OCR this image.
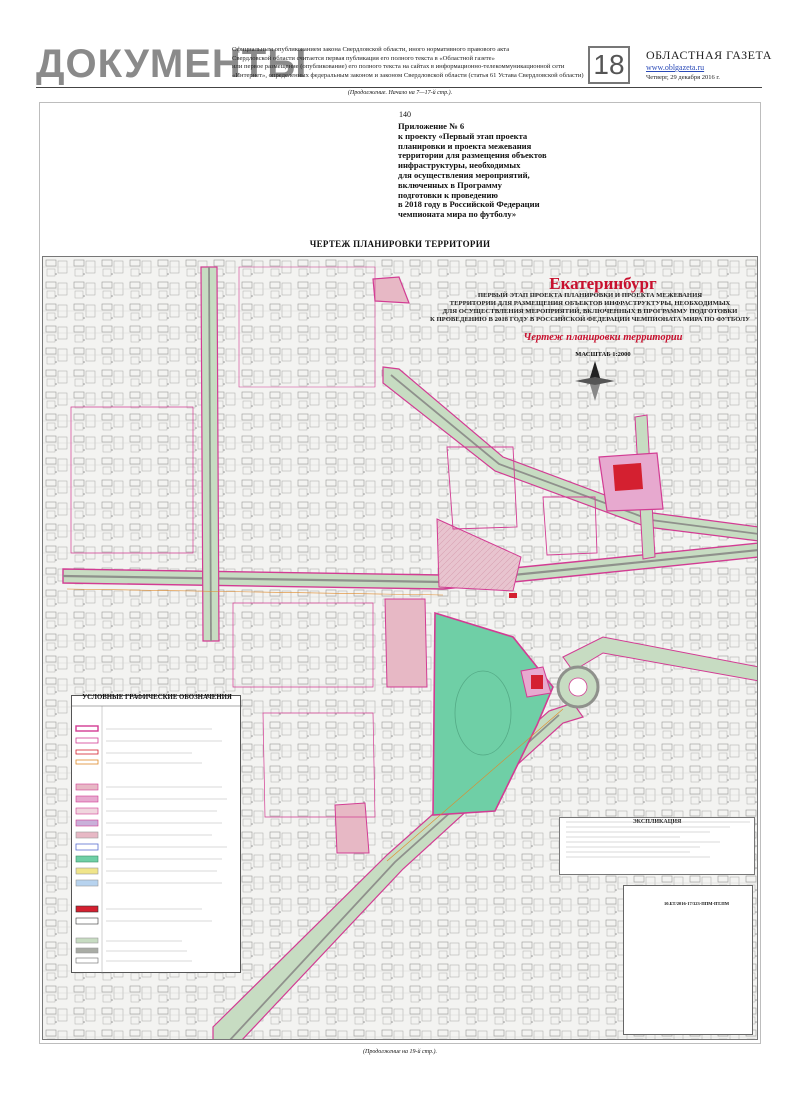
ДОКУМЕНТЫ
Официальным опубликованием закона Свердловской области, иного нормативного правового акта
Свердловской области считается первая публикация его полного текста в «Областной газете»
или первое размещение (опубликование) его полного текста на сайтах в информационно-телекоммуникационной сети
«Интернет», определенных федеральным законом и законом Свердловской области (статья 61 Устава Свердловской области) 18	ОБЛАСТНАЯ ГАЗЕТА
www.oblgazeta.ru
Четверг, 29 декабря 2016 г.
(Продолжение. Начало на 7—17-й стр.).
140
Приложение № 6
к проекту «Первый этап проекта
планировки и проекта межевания
территории для размещения объектов
инфраструктуры, необходимых
для осуществления мероприятий,
включенных в Программу
подготовки к проведению
в 2018 году в Российской Федерации
чемпионата мира по футболу»
ЧЕРТЕЖ ПЛАНИРОВКИ ТЕРРИТОРИИ
Екатеринбург
ПЕРВЫЙ ЭТАП ПРОЕКТА ПЛАНИРОВКИ И ПРОЕКТА МЕЖЕВАНИЯ
ТЕРРИТОРИИ ДЛЯ РАЗМЕЩЕНИЯ ОБЪЕКТОВ ИНФРАСТРУКТУРЫ, НЕОБХОДИМЫХ
ДЛЯ ОСУЩЕСТВЛЕНИЯ МЕРОПРИЯТИЙ, ВКЛЮЧЕННЫХ В ПРОГРАММУ ПОДГОТОВКИ
К ПРОВЕДЕНИЮ В 2018 ГОДУ В РОССИЙСКОЙ ФЕДЕРАЦИИ ЧЕМПИОНАТА МИРА ПО ФУТБОЛУ
Чертеж планировки территории
МАСШТАБ 1:2000
УСЛОВНЫЕ ГРАФИЧЕСКИЕ ОБОЗНАЧЕНИЯ
ЭКСПЛИКАЦИЯ
10.БТ/2016-17/323-ППМ-ПТ.ПМ
(Продолжение на 19-й стр.).
